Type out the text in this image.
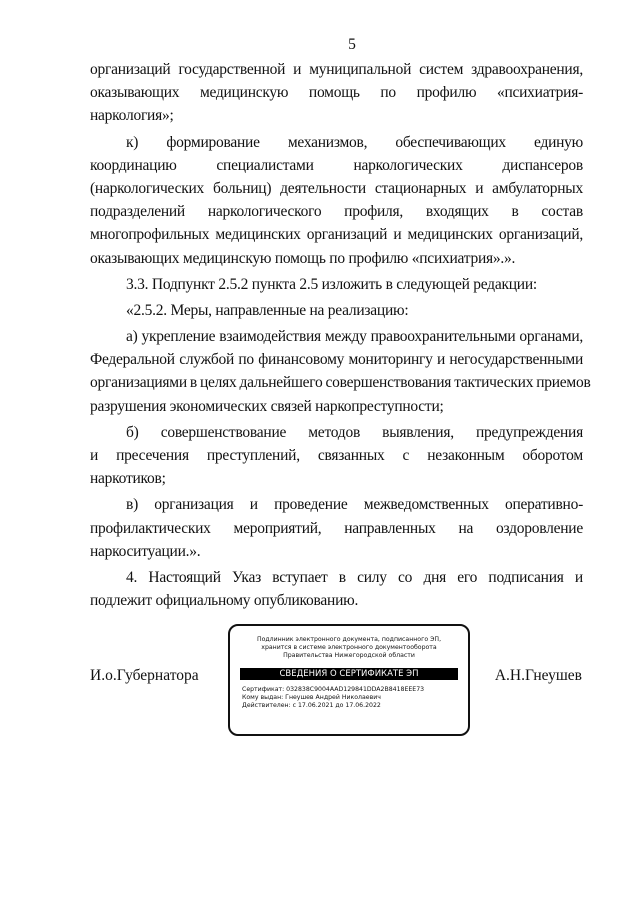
5
организаций государственной и муниципальной систем здравоохранения,
оказывающих медицинскую помощь по профилю «психиатрия-
наркология»;
к) формирование механизмов, обеспечивающих единую
координацию	специалистами	наркологических	диспансеров
(наркологических больниц) деятельности стационарных и амбулаторных
подразделений наркологического профиля, входящих в состав
многопрофильных медицинских организаций и медицинских организаций,
оказывающих медицинскую помощь по профилю «психиатрия».».
3.3. Подпункт 2.5.2 пункта 2.5 изложить в следующей редакции:
«2.5.2. Меры, направленные на реализацию:
а) укрепление взаимодействия между правоохранительными органами,
Федеральной службой по финансовому мониторингу и негосударственными
организациями в целях дальнейшего совершенствования тактических приемов
разрушения экономических связей наркопреступности;
б) совершенствование методов выявления, предупреждения
и пресечения преступлений, связанных с незаконным оборотом
наркотиков;
в) организация и проведение межведомственных оперативно-
профилактических мероприятий, направленных на оздоровление
наркоситуации.».
4. Настоящий Указ вступает в силу со дня его подписания и
подлежит официальному опубликованию.
И.о.Губернатора	А.Н.Гнеушев
Подлинник электронного документа, подписанного ЭП,
хранится в системе электронного документооборота
Правительства Нижегородской области
СВЕДЕНИЯ О СЕРТИФИКАТЕ ЭП
Сертификат: 032838C9004AAD129841DDA2B8418EEE73
Кому выдан: Гнеушев Андрей Николаевич
Действителен: с 17.06.2021 до 17.06.2022
